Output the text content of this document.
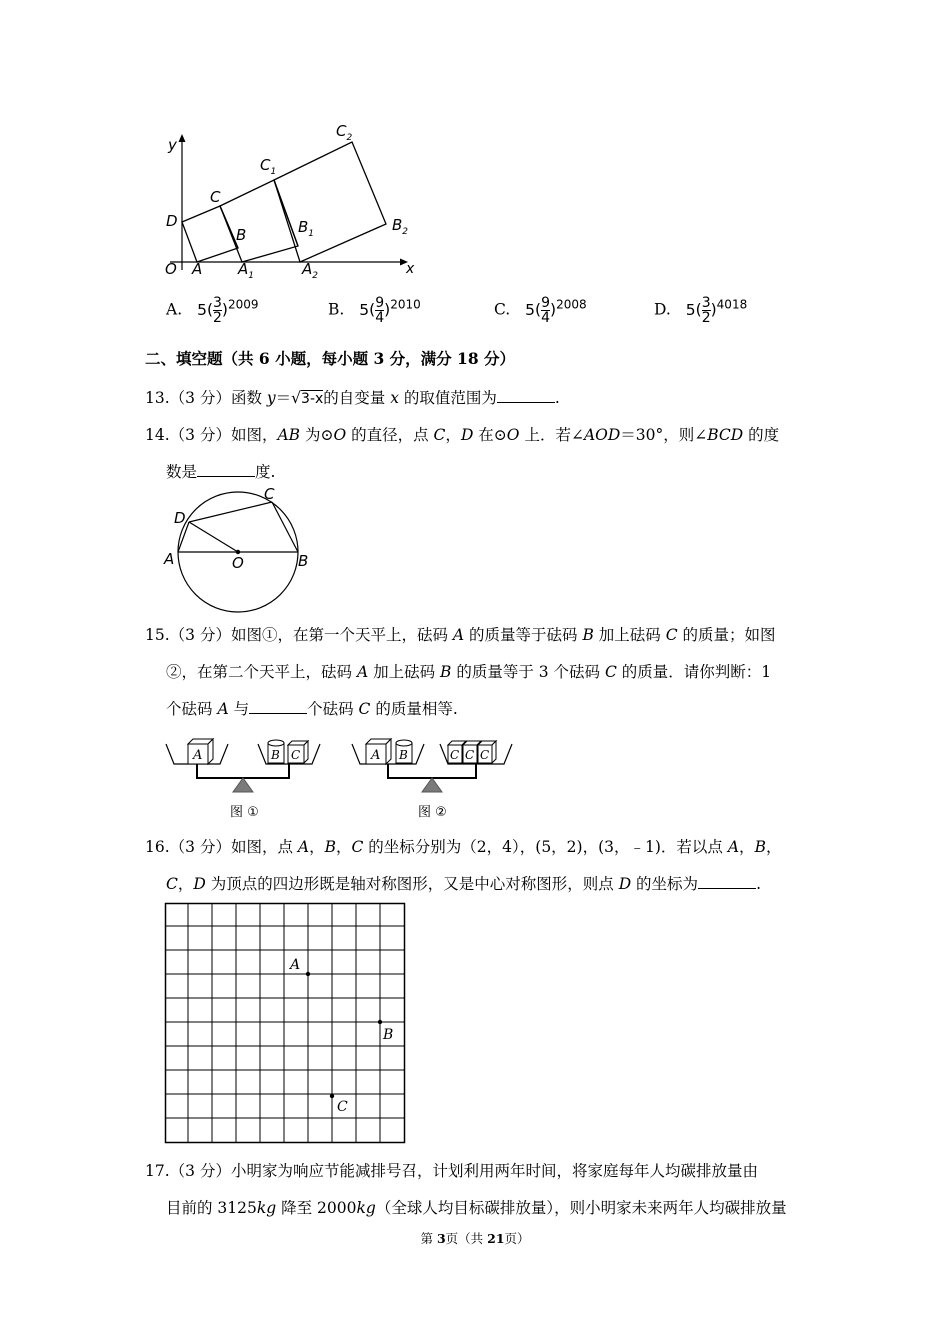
y
x
O A $A_1$	$A_2$
B	$B_1$	$B_2$
C
$C_1$
$C_2$
D
A. $5( \frac{3}{2} )^{2009}$	B. $5( \frac{9}{4} )^{2010}$	C. $5( \frac{9}{4} )^{2008}$	D. $5( \frac{3}{2} )^{4018}$
二、填空题（共 6 小题，每小题 3 分，满分 18 分）
13.（3 分）函数 y＝√3-x的自变量 x 的取值范围为	.
14.（3 分）如图，AB 为⊙O 的直径，点 C，D 在⊙O 上．若∠AOD＝30°，则∠BCD 的度
数是	度.
A	B
C
D
O
15.（3 分）如图①，在第一个天平上，砝码 A 的质量等于砝码 B 加上砝码 C 的质量；如图
②，在第二个天平上，砝码 A 加上砝码 B 的质量等于 3 个砝码 C 的质量．请你判断：1
个砝码 A 与	个砝码 C 的质量相等.
A	B C
图 ①
A B	C C C
图 ②
16.（3 分）如图，点 A，B，C 的坐标分别为（2，4），(5，2)，(3，﹣1)．若以点 A，B，
C，D 为顶点的四边形既是轴对称图形，又是中心对称图形，则点 D 的坐标为	.
A
B
C
17.（3 分）小明家为响应节能减排号召，计划利用两年时间，将家庭每年人均碳排放量由
目前的 3125kg 降至 2000kg（全球人均目标碳排放量），则小明家未来两年人均碳排放量
第 3页（共 21页）
